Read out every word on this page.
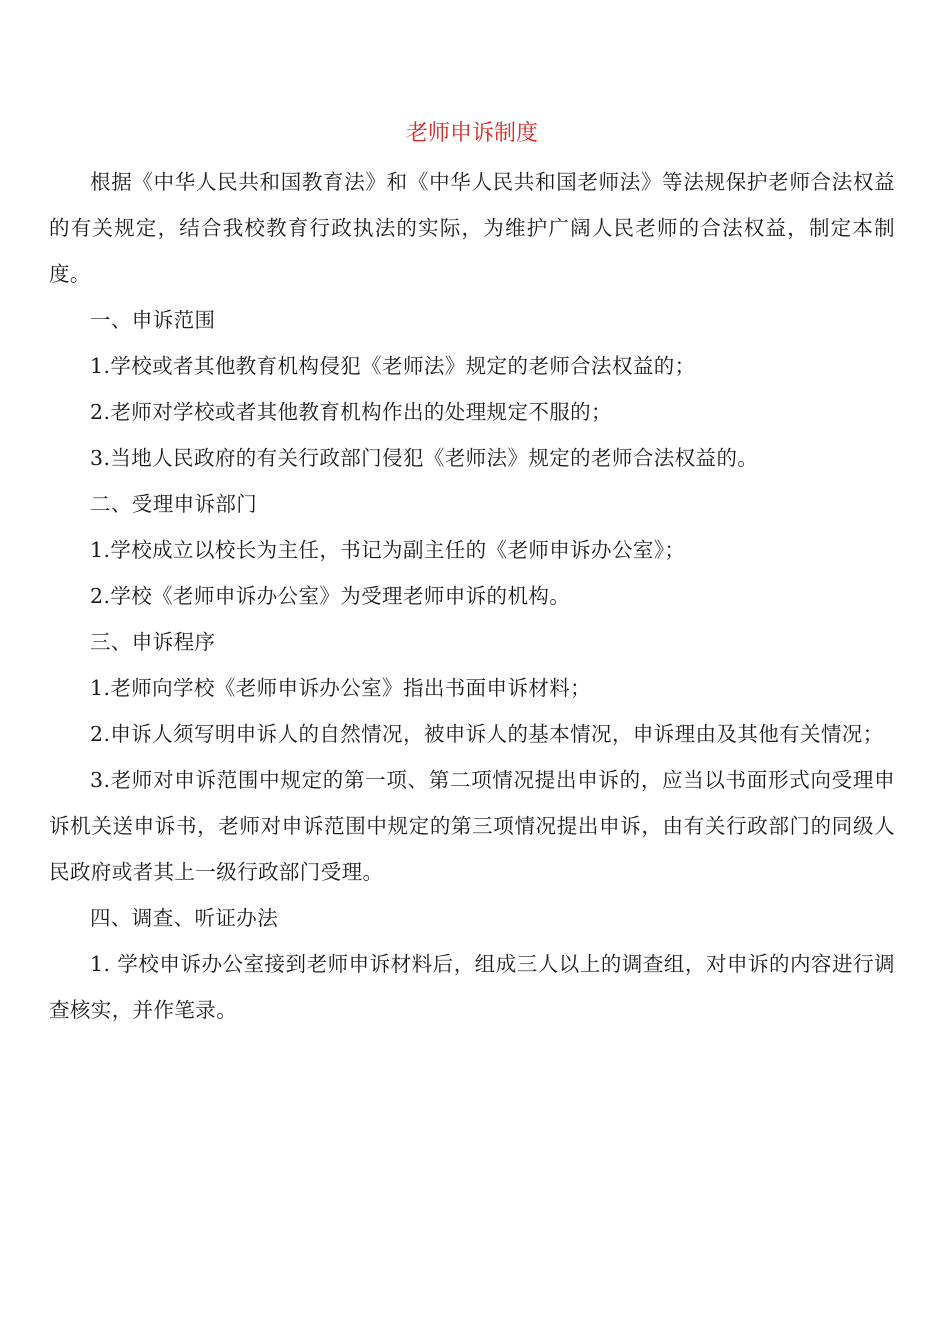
老师申诉制度

根据《中华人民共和国教育法》和《中华人民共和国老师法》等法规保护老师合法权益的有关规定，结合我校教育行政执法的实际，为维护广阔人民老师的合法权益，制定本制度。

一、申诉范围

1.学校或者其他教育机构侵犯《老师法》规定的老师合法权益的；

2.老师对学校或者其他教育机构作出的处理规定不服的；

3.当地人民政府的有关行政部门侵犯《老师法》规定的老师合法权益的。

二、受理申诉部门

1.学校成立以校长为主任，书记为副主任的《老师申诉办公室》；

2.学校《老师申诉办公室》为受理老师申诉的机构。

三、申诉程序

1.老师向学校《老师申诉办公室》指出书面申诉材料；

2.申诉人须写明申诉人的自然情况，被申诉人的基本情况，申诉理由及其他有关情况；

3.老师对申诉范围中规定的第一项、第二项情况提出申诉的，应当以书面形式向受理申诉机关送申诉书，老师对申诉范围中规定的第三项情况提出申诉，由有关行政部门的同级人民政府或者其上一级行政部门受理。

四、调查、听证办法

1. 学校申诉办公室接到老师申诉材料后，组成三人以上的调查组，对申诉的内容进行调查核实，并作笔录。
